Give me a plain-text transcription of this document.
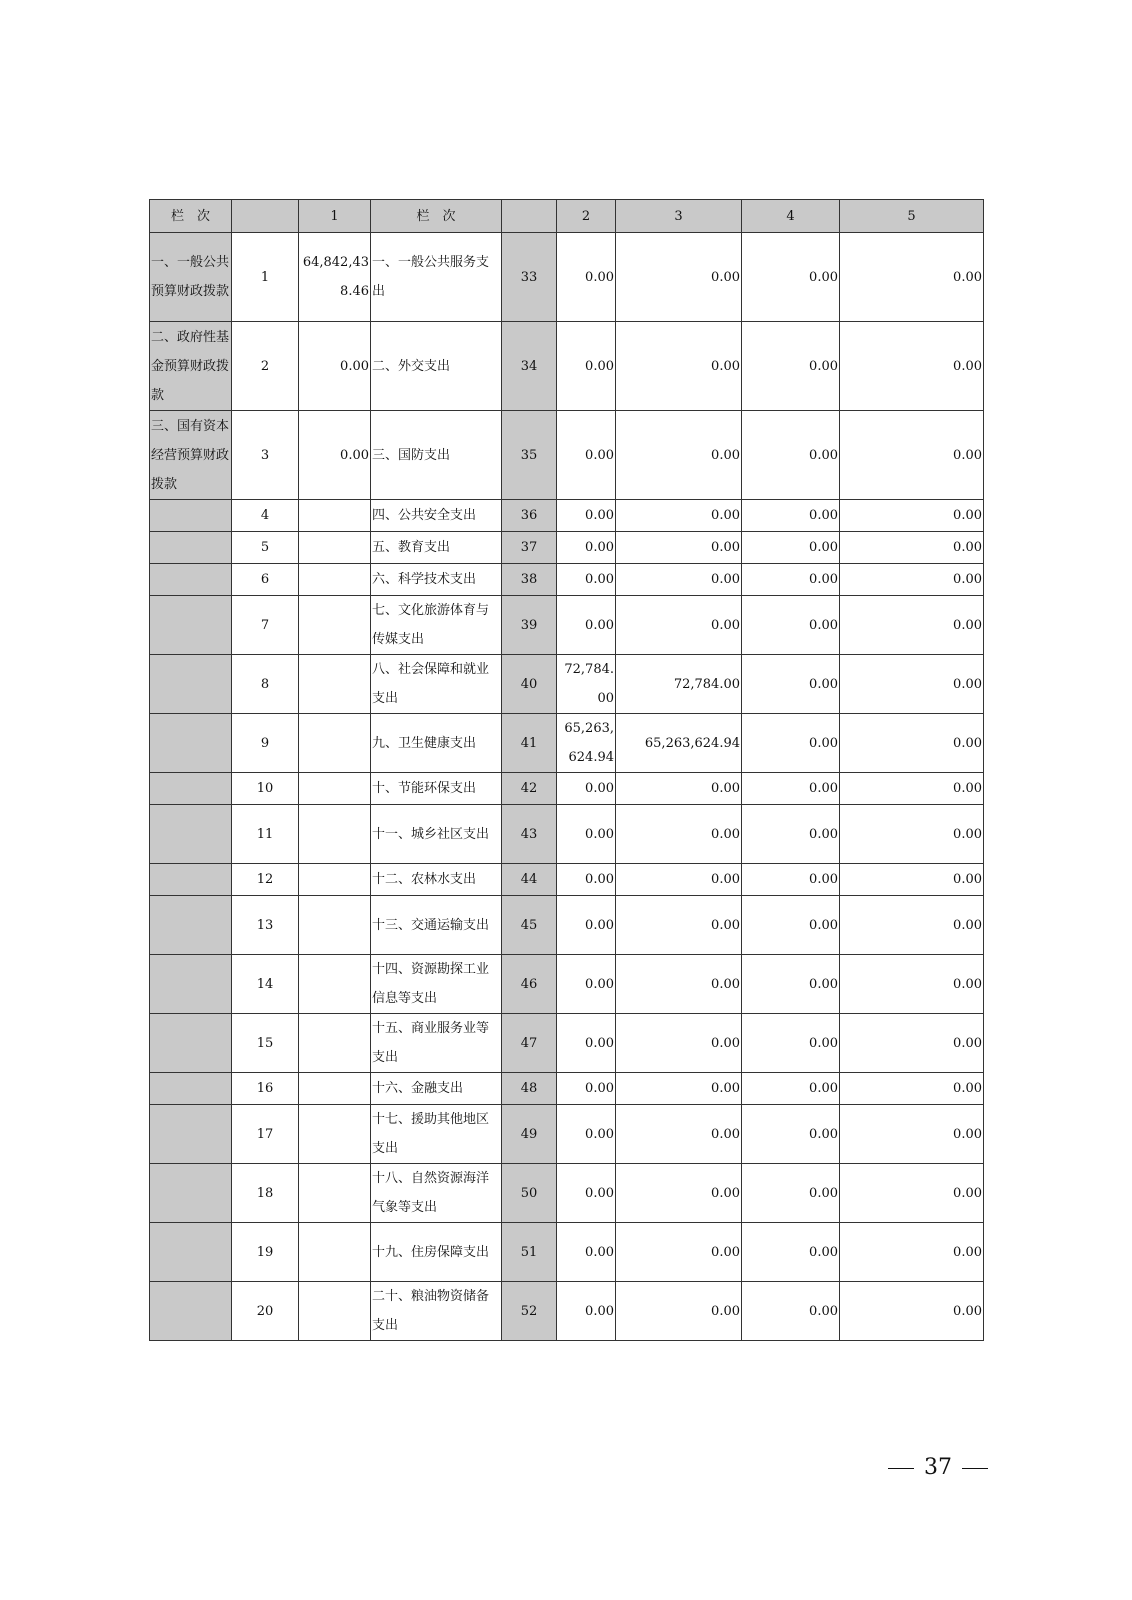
栏　次		1	栏　次		2	3	4	5
一、一般公共预算财政拨款	1	64,842,438.46	一、一般公共服务支出	33	0.00	0.00	0.00	0.00
二、政府性基金预算财政拨款	2	0.00	二、外交支出	34	0.00	0.00	0.00	0.00
三、国有资本经营预算财政拨款	3	0.00	三、国防支出	35	0.00	0.00	0.00	0.00
	4		四、公共安全支出	36	0.00	0.00	0.00	0.00
	5		五、教育支出	37	0.00	0.00	0.00	0.00
	6		六、科学技术支出	38	0.00	0.00	0.00	0.00
	7		七、文化旅游体育与传媒支出	39	0.00	0.00	0.00	0.00
	8		八、社会保障和就业支出	40	72,784.00	72,784.00	0.00	0.00
	9		九、卫生健康支出	41	65,263,624.94	65,263,624.94	0.00	0.00
	10		十、节能环保支出	42	0.00	0.00	0.00	0.00
	11		十一、城乡社区支出	43	0.00	0.00	0.00	0.00
	12		十二、农林水支出	44	0.00	0.00	0.00	0.00
	13		十三、交通运输支出	45	0.00	0.00	0.00	0.00
	14		十四、资源勘探工业信息等支出	46	0.00	0.00	0.00	0.00
	15		十五、商业服务业等支出	47	0.00	0.00	0.00	0.00
	16		十六、金融支出	48	0.00	0.00	0.00	0.00
	17		十七、援助其他地区支出	49	0.00	0.00	0.00	0.00
	18		十八、自然资源海洋气象等支出	50	0.00	0.00	0.00	0.00
	19		十九、住房保障支出	51	0.00	0.00	0.00	0.00
	20		二十、粮油物资储备支出	52	0.00	0.00	0.00	0.00
37
